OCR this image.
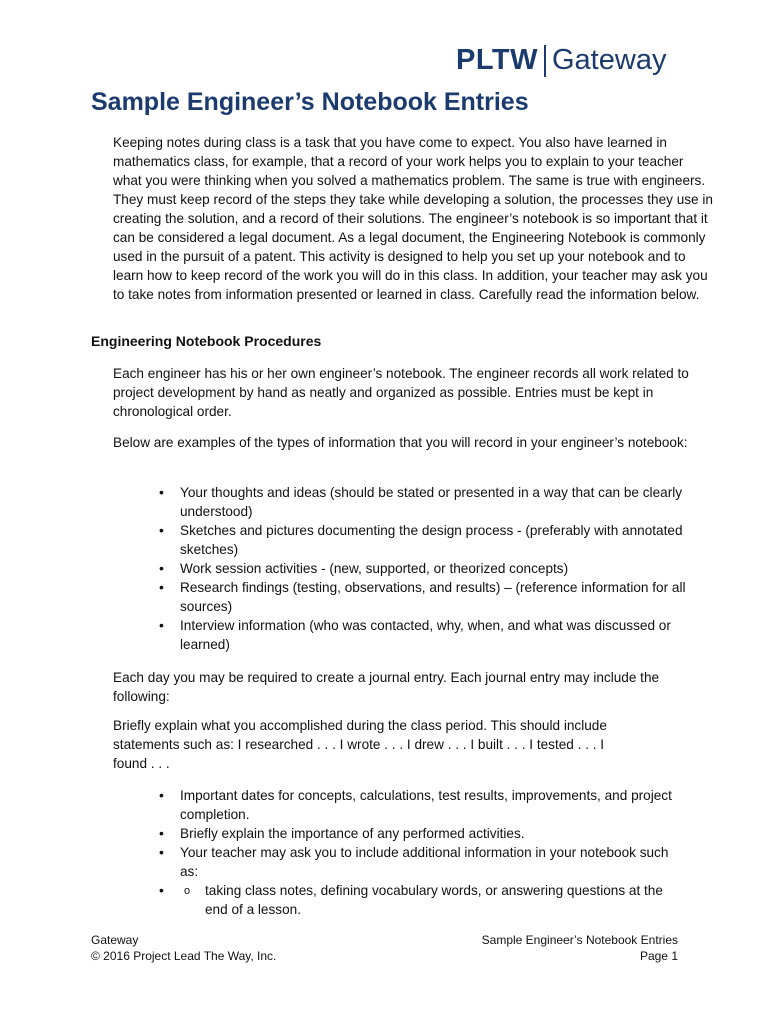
PLTW Gateway
Sample Engineer’s Notebook Entries

Keeping notes during class is a task that you have come to expect. You also have learned in mathematics class, for example, that a record of your work helps you to explain to your teacher what you were thinking when you solved a mathematics problem. The same is true with engineers. They must keep record of the steps they take while developing a solution, the processes they use in creating the solution, and a record of their solutions. The engineer’s notebook is so important that it can be considered a legal document. As a legal document, the Engineering Notebook is commonly used in the pursuit of a patent. This activity is designed to help you set up your notebook and to learn how to keep record of the work you will do in this class. In addition, your teacher may ask you to take notes from information presented or learned in class. Carefully read the information below.

Engineering Notebook Procedures

Each engineer has his or her own engineer’s notebook. The engineer records all work related to project development by hand as neatly and organized as possible. Entries must be kept in chronological order.

Below are examples of the types of information that you will record in your engineer’s notebook:

• Your thoughts and ideas (should be stated or presented in a way that can be clearly understood)
• Sketches and pictures documenting the design process - (preferably with annotated sketches)
• Work session activities - (new, supported, or theorized concepts)
• Research findings (testing, observations, and results) – (reference information for all sources)
• Interview information (who was contacted, why, when, and what was discussed or learned)

Each day you may be required to create a journal entry. Each journal entry may include the following:

Briefly explain what you accomplished during the class period. This should include statements such as: I researched . . . I wrote . . . I drew . . . I built . . . I tested . . . I found . . .

• Important dates for concepts, calculations, test results, improvements, and project completion.
• Briefly explain the importance of any performed activities.
• Your teacher may ask you to include additional information in your notebook such as:
o • taking class notes, defining vocabulary words, or answering questions at the end of a lesson.
Gateway
© 2016 Project Lead The Way, Inc.
Sample Engineer’s Notebook Entries
Page 1
